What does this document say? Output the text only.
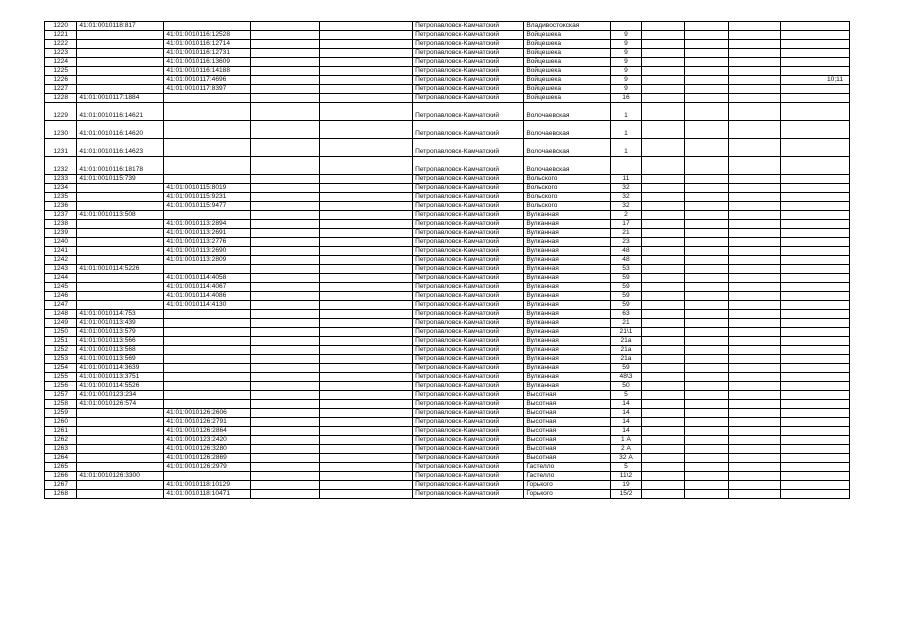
1220	41:01:0010118:817				Петропавловск-Камчатский	Владивостокская					
1221		41:01:0010116:12528			Петропавловск-Камчатский	Войцешека	9				
1222		41:01:0010116:12714			Петропавловск-Камчатский	Войцешека	9				
1223		41:01:0010116:12731			Петропавловск-Камчатский	Войцешека	9				
1224		41:01:0010116:13609			Петропавловск-Камчатский	Войцешека	9				
1225		41:01:0010116:14188			Петропавловск-Камчатский	Войцешека	9				
1226		41:01:0010117:4696			Петропавловск-Камчатский	Войцешека	9				10;11
1227		41:01:0010117:8397			Петропавловск-Камчатский	Войцешека	9				
1228	41:01:0010117:1884				Петропавловск-Камчатский	Войцешека	16				
1229	41:01:0010116:14621				Петропавловск-Камчатский	Волочаевская	1				
1230	41:01:0010116:14620				Петропавловск-Камчатский	Волочаевская	1				
1231	41:01:0010116:14623				Петропавловск-Камчатский	Волочаевская	1				
1232	41:01:0010116:18178				Петропавловск-Камчатский	Волочаевская					
1233	41:01:0010115:739				Петропавловск-Камчатский	Вольского	11				
1234		41:01:0010115:8019			Петропавловск-Камчатский	Вольского	32				
1235		41:01:0010115:9231			Петропавловск-Камчатский	Вольского	32				
1236		41:01:0010115:9477			Петропавловск-Камчатский	Вольского	32				
1237	41:01:0010113:508				Петропавловск-Камчатский	Вулканная	2				
1238		41:01:0010113:2894			Петропавловск-Камчатский	Вулканная	17				
1239		41:01:0010113:2691			Петропавловск-Камчатский	Вулканная	21				
1240		41:01:0010113:2776			Петропавловск-Камчатский	Вулканная	23				
1241		41:01:0010113:2690			Петропавловск-Камчатский	Вулканная	48				
1242		41:01:0010113:2809			Петропавловск-Камчатский	Вулканная	48				
1243	41:01:0010114:5226				Петропавловск-Камчатский	Вулканная	53				
1244		41:01:0010114:4058			Петропавловск-Камчатский	Вулканная	59				
1245		41:01:0010114:4067			Петропавловск-Камчатский	Вулканная	59				
1246		41:01:0010114:4086			Петропавловск-Камчатский	Вулканная	59				
1247		41:01:0010114:4130			Петропавловск-Камчатский	Вулканная	59				
1248	41:01:0010114:753				Петропавловск-Камчатский	Вулканная	63				
1249	41:01:0010113:439				Петропавловск-Камчатский	Вулканная	21				
1250	41:01:0010113:579				Петропавловск-Камчатский	Вулканная	21\1				
1251	41:01:0010113:566				Петропавловск-Камчатский	Вулканная	21а				
1252	41:01:0010113:568				Петропавловск-Камчатский	Вулканная	21а				
1253	41:01:0010113:569				Петропавловск-Камчатский	Вулканная	21а				
1254	41:01:0010114:3639				Петропавловск-Камчатский	Вулканная	59				
1255	41:01:0010113:3751				Петропавловск-Камчатский	Вулканная	48\3				
1256	41:01:0010114:5526				Петропавловск-Камчатский	Вулканная	50				
1257	41:01:0010123:234				Петропавловск-Камчатский	Высотная	5				
1258	41:01:0010126:574				Петропавловск-Камчатский	Высотная	14				
1259		41:01:0010126:2606			Петропавловск-Камчатский	Высотная	14				
1260		41:01:0010126:2791			Петропавловск-Камчатский	Высотная	14				
1261		41:01:0010126:2864			Петропавловск-Камчатский	Высотная	14				
1262		41:01:0010123:2420			Петропавловск-Камчатский	Высотная	1 А				
1263		41:01:0010126:3280			Петропавловск-Камчатский	Высотная	2 А				
1264		41:01:0010126:2869			Петропавловск-Камчатский	Высотная	32 А				
1265		41:01:0010126:2979			Петропавловск-Камчатский	Гастелло	5				
1266	41:01:0010126:3300				Петропавловск-Камчатский	Гастелло	11\2				
1267		41:01:0010118:10129			Петропавловск-Камчатский	Горького	19				
1268		41:01:0010118:10471			Петропавловск-Камчатский	Горького	15/2				
